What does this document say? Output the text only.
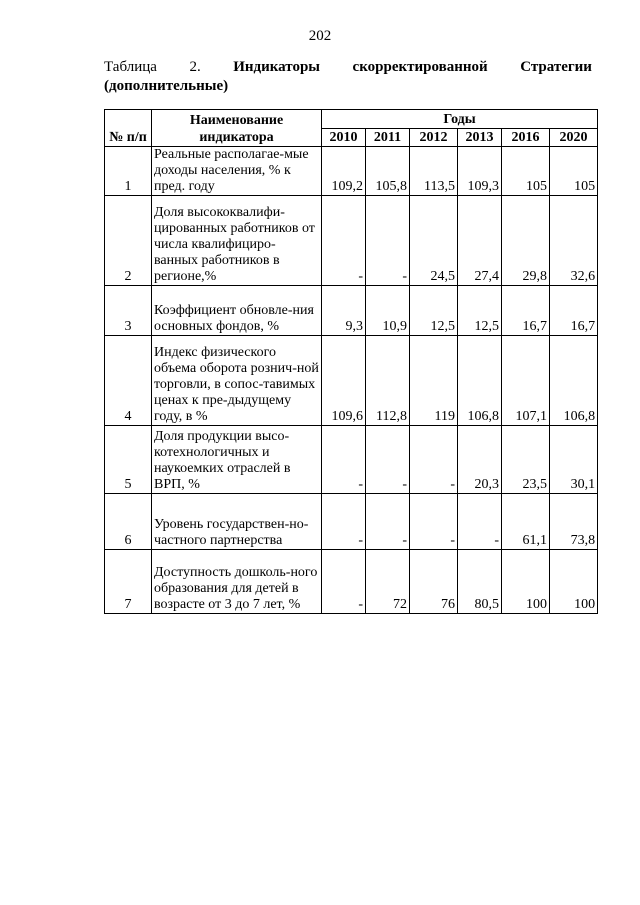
202
Таблица 2. Индикаторы скорректированной Стратегии
(дополнительные)
№ п/п	Наименование индикатора	Годы					
		2010	2011	2012	2013	2016	2020
1	Реальные располагае-мые доходы населения, % к пред. году	109,2	105,8	113,5	109,3	105	105
2	Доля высококвалифи-цированных работников от числа квалифициро-ванных работников в регионе,%	-	-	24,5	27,4	29,8	32,6
3	Коэффициент обновле-ния основных фондов, %	9,3	10,9	12,5	12,5	16,7	16,7
4	Индекс физического объема оборота рознич-ной торговли, в сопос-тавимых ценах к пре-дыдущему году, в %	109,6	112,8	119	106,8	107,1	106,8
5	Доля продукции высо-котехнологичных и наукоемких отраслей в ВРП, %	-	-	-	20,3	23,5	30,1
6	Уровень государствен-но-частного партнерства	-	-	-	-	61,1	73,8
7	Доступность дошколь-ного образования для детей в возрасте от 3 до 7 лет, %	-	72	76	80,5	100	100
